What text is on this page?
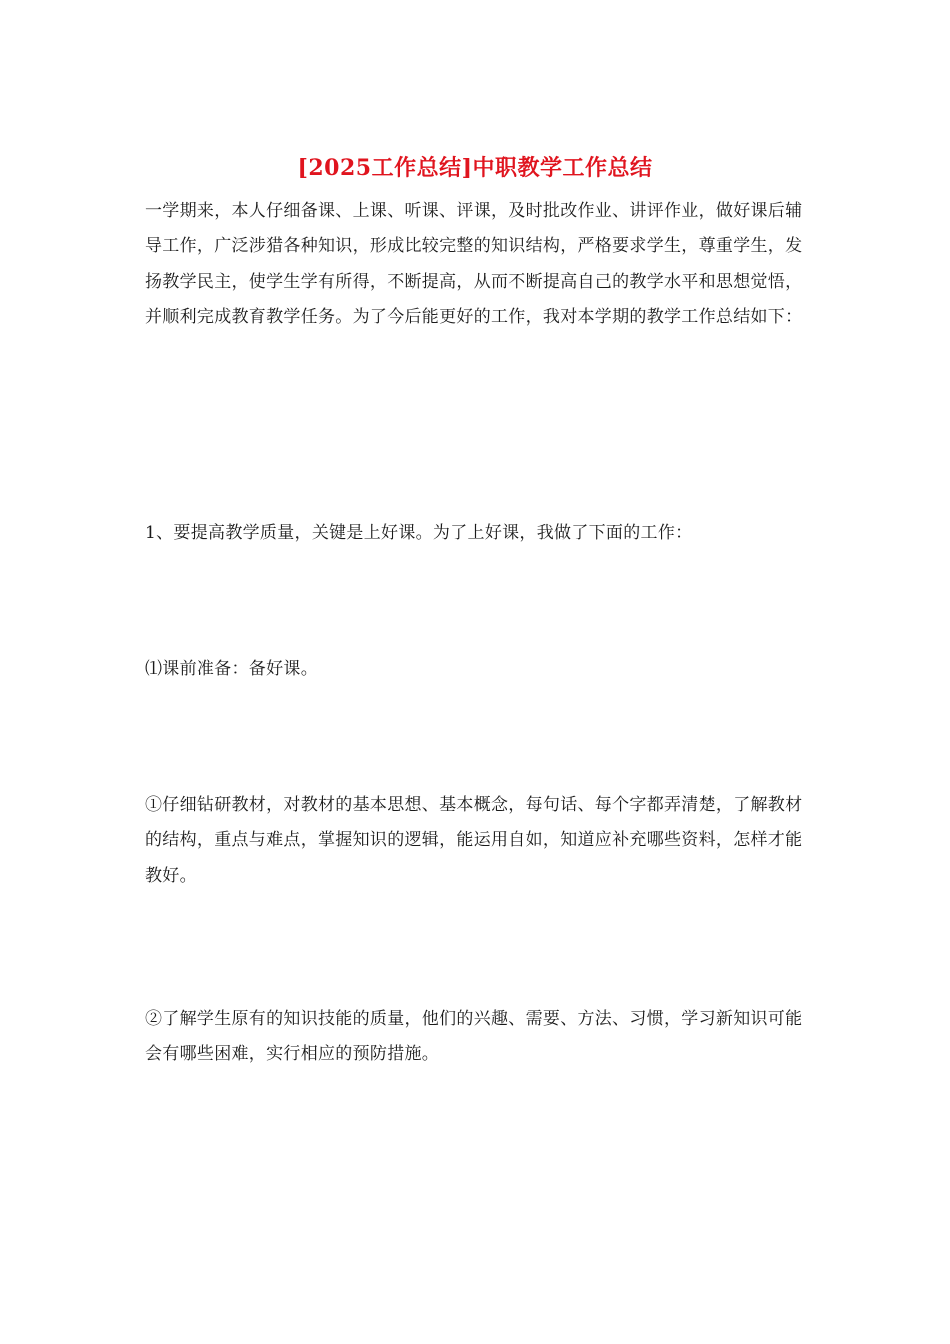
[2025工作总结]中职教学工作总结

一学期来，本人仔细备课、上课、听课、评课，及时批改作业、讲评作业，做好课后辅导工作，广泛涉猎各种知识，形成比较完整的知识结构，严格要求学生，尊重学生，发扬教学民主，使学生学有所得，不断提高，从而不断提高自己的教学水平和思想觉悟，并顺利完成教育教学任务。为了今后能更好的工作，我对本学期的教学工作总结如下：

1、要提高教学质量，关键是上好课。为了上好课，我做了下面的工作：

⑴课前准备：备好课。

①仔细钻研教材，对教材的基本思想、基本概念，每句话、每个字都弄清楚，了解教材的结构，重点与难点，掌握知识的逻辑，能运用自如，知道应补充哪些资料，怎样才能教好。

②了解学生原有的知识技能的质量，他们的兴趣、需要、方法、习惯，学习新知识可能会有哪些困难，实行相应的预防措施。
